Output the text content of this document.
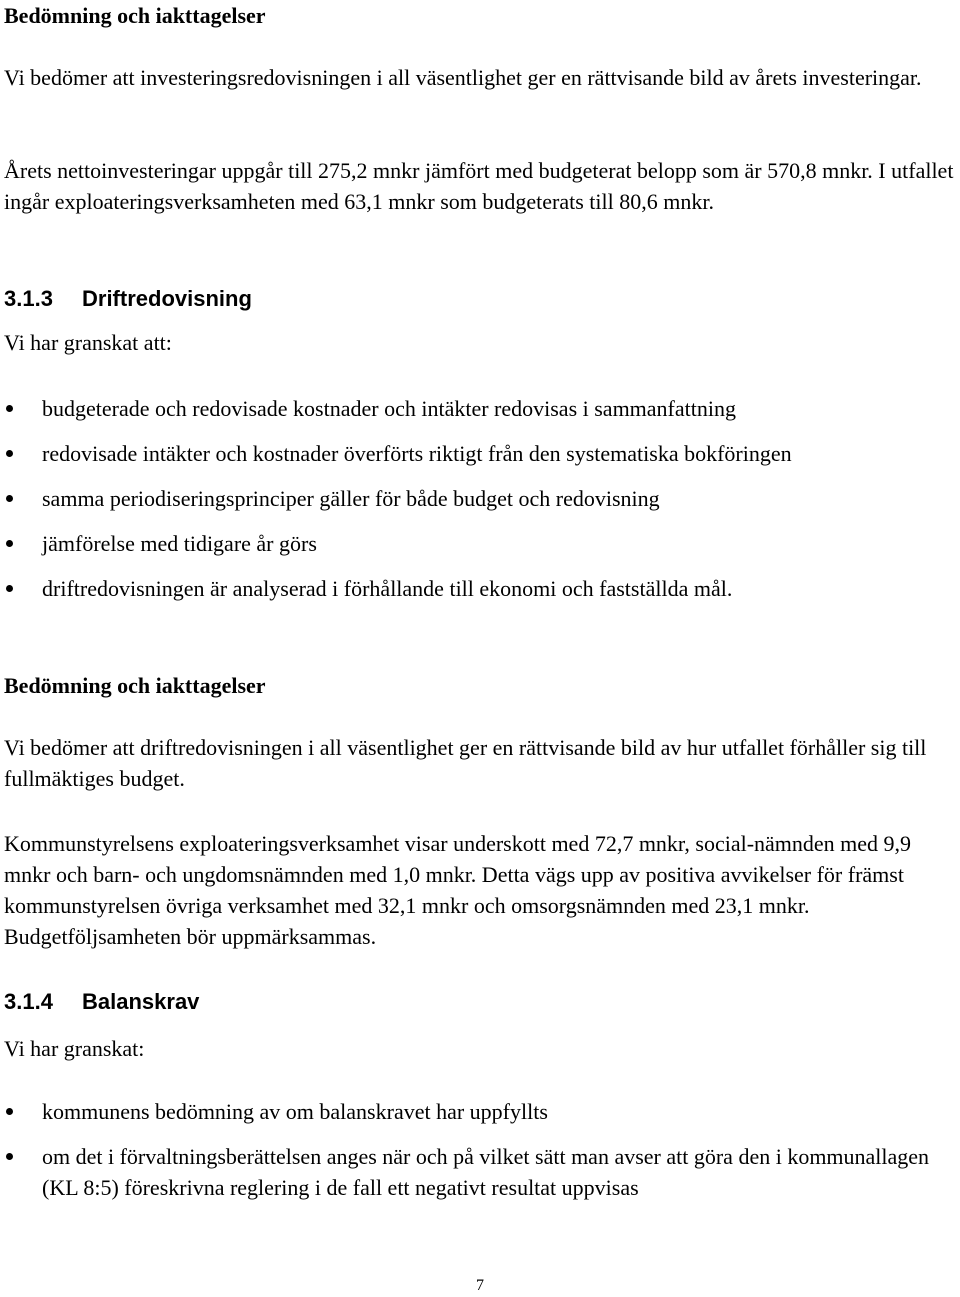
Bedömning och iakttagelser

Vi bedömer att investeringsredovisningen i all väsentlighet ger en rättvisande bild av årets investeringar.

Årets nettoinvesteringar uppgår till 275,2 mnkr jämfört med budgeterat belopp som är 570,8 mnkr. I utfallet ingår exploateringsverksamheten med 63,1 mnkr som budgeterats till 80,6 mnkr.

3.1.3 Driftredovisning

Vi har granskat att:

budgeterade och redovisade kostnader och intäkter redovisas i sammanfattning
redovisade intäkter och kostnader överförts riktigt från den systematiska bokföringen
samma periodiseringsprinciper gäller för både budget och redovisning
jämförelse med tidigare år görs
driftredovisningen är analyserad i förhållande till ekonomi och fastställda mål.

Bedömning och iakttagelser

Vi bedömer att driftredovisningen i all väsentlighet ger en rättvisande bild av hur utfallet förhåller sig till fullmäktiges budget.

Kommunstyrelsens exploateringsverksamhet visar underskott med 72,7 mnkr, social-nämnden med 9,9 mnkr och barn- och ungdomsnämnden med 1,0 mnkr. Detta vägs upp av positiva avvikelser för främst kommunstyrelsen övriga verksamhet med 32,1 mnkr och omsorgsnämnden med 23,1 mnkr. Budgetföljsamheten bör uppmärksammas.

3.1.4 Balanskrav

Vi har granskat:

kommunens bedömning av om balanskravet har uppfyllts
om det i förvaltningsberättelsen anges när och på vilket sätt man avser att göra den i kommunallagen (KL 8:5) föreskrivna reglering i de fall ett negativt resultat uppvisas
7
